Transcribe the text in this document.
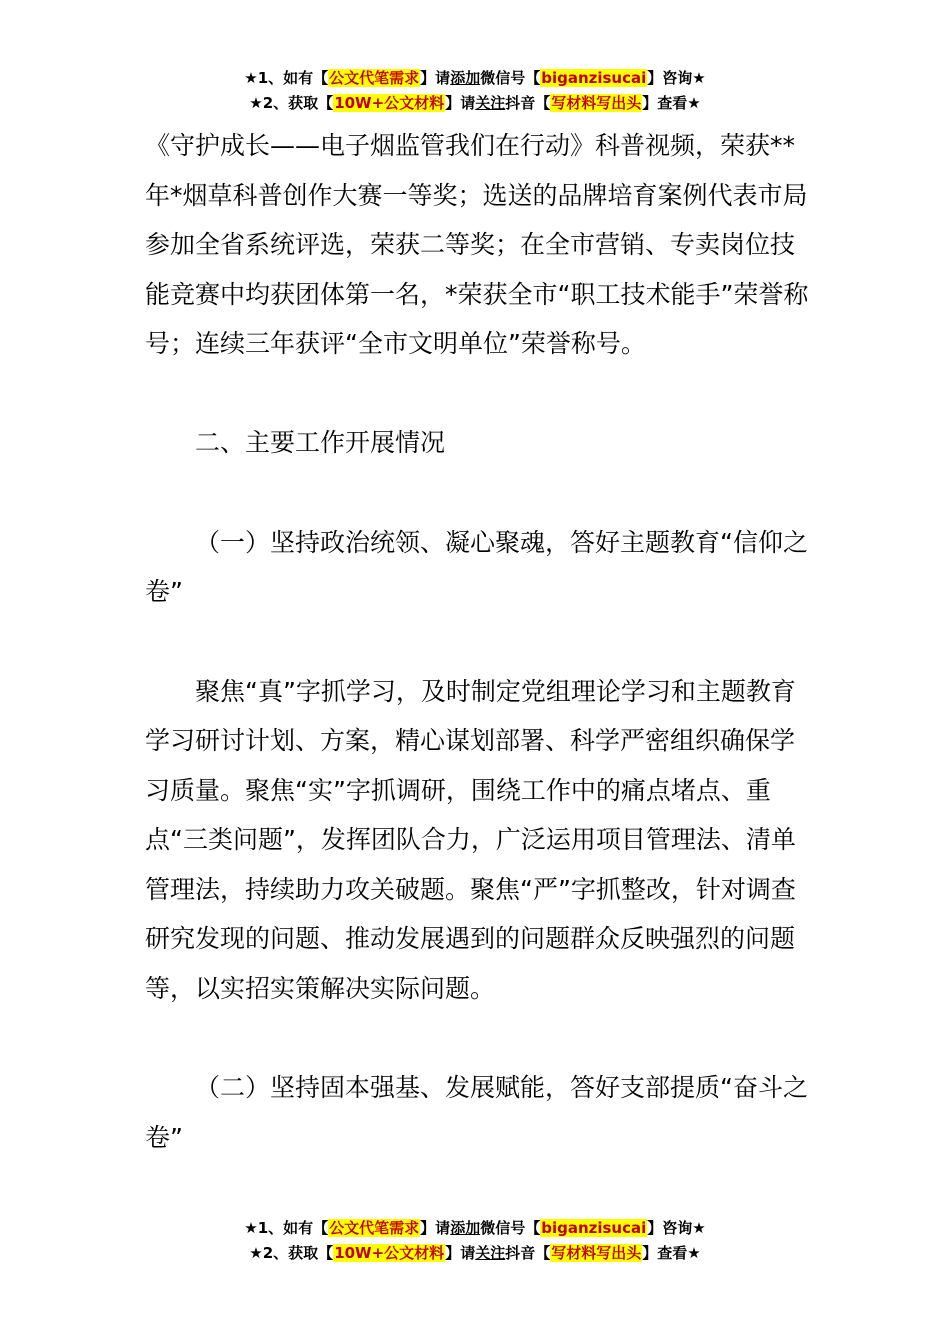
★1、如有【公文代笔需求】请添加微信号【biganzisucai】咨询★
★2、获取【10W+公文材料】请关注抖音【写材料写出头】查看★

《守护成长——电子烟监管我们在行动》科普视频，荣获**年*烟草科普创作大赛一等奖；选送的品牌培育案例代表市局参加全省系统评选，荣获二等奖；在全市营销、专卖岗位技能竞赛中均获团体第一名，*荣获全市“职工技术能手”荣誉称号；连续三年获评“全市文明单位”荣誉称号。

二、主要工作开展情况

（一）坚持政治统领、凝心聚魂，答好主题教育“信仰之卷”

聚焦“真”字抓学习，及时制定党组理论学习和主题教育学习研讨计划、方案，精心谋划部署、科学严密组织确保学习质量。聚焦“实”字抓调研，围绕工作中的痛点堵点、重点“三类问题”，发挥团队合力，广泛运用项目管理法、清单管理法，持续助力攻关破题。聚焦“严”字抓整改，针对调查研究发现的问题、推动发展遇到的问题群众反映强烈的问题等，以实招实策解决实际问题。

（二）坚持固本强基、发展赋能，答好支部提质“奋斗之卷”

★1、如有【公文代笔需求】请添加微信号【biganzisucai】咨询★
★2、获取【10W+公文材料】请关注抖音【写材料写出头】查看★
